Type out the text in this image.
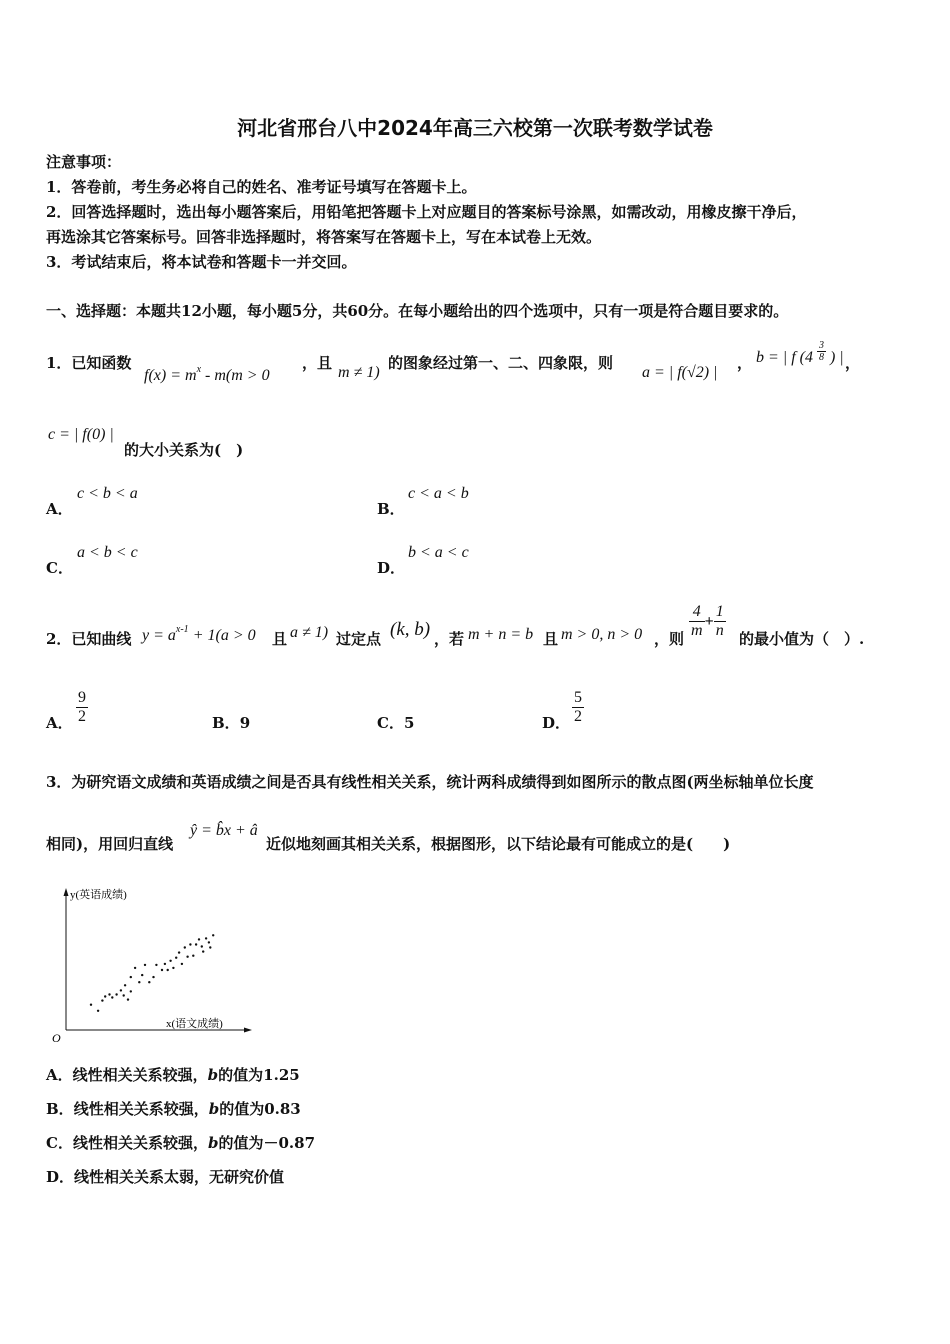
河北省邢台八中2024年高三六校第一次联考数学试卷
注意事项：
1．答卷前，考生务必将自己的姓名、准考证号填写在答题卡上。
2．回答选择题时，选出每小题答案后，用铅笔把答题卡上对应题目的答案标号涂黑，如需改动，用橡皮擦干净后，
再选涂其它答案标号。回答非选择题时，将答案写在答题卡上，写在本试卷上无效。
3．考试结束后，将本试卷和答题卡一并交回。
一、选择题：本题共12小题，每小题5分，共60分。在每小题给出的四个选项中，只有一项是符合题目要求的。
1．已知函数
$f(x) = m^x - m(m > 0$
，且
m ≠ 1)
的图象经过第一、二、四象限，则
a = | f(√2) |
， b = | f ($4 \frac{3}{8}$ ) | ，
c = | f(0) |
的大小关系为(　)
A．
c < b < a
B．
c < a < b
C．
a < b < c
D．
b < a < c
2．已知曲线 $y = a^{x-1} + 1(a > 0$ 且 a ≠ 1) 过定点 (k, b) ，若 m + n = b 且 m > 0, n > 0 ，则 $\frac{4}{m} + \frac{1}{n}$ 的最小值为（　）.
A． $\frac{9}{2}$	B．9	C．5	D． $\frac{5}{2}$
3．为研究语文成绩和英语成绩之间是否具有线性相关关系，统计两科成绩得到如图所示的散点图(两坐标轴单位长度
相同)，用回归直线
ŷ = b̂x + â
近似地刻画其相关关系，根据图形，以下结论最有可能成立的是(　　)
y(英语成绩)
x(语文成绩)
O
A．线性相关关系较强，b的值为1.25
B．线性相关关系较强，b的值为0.83
C．线性相关关系较强，b的值为－0.87
D．线性相关关系太弱，无研究价值
